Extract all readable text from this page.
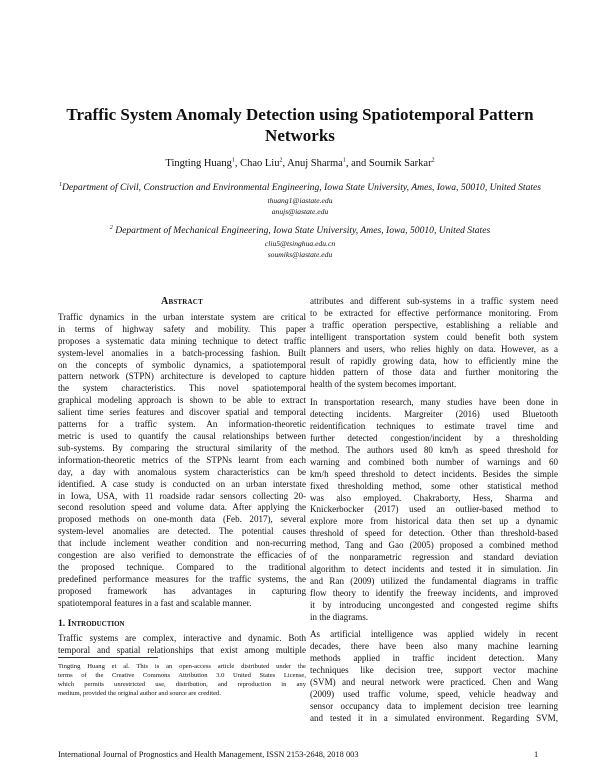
Traffic System Anomaly Detection using Spatiotemporal Pattern
Networks
Tingting Huang$^1$, Chao Liu$^2$, Anuj Sharma$^1$, and Soumik Sarkar$^2$
$^1$Department of Civil, Construction and Environmental Engineering, Iowa State University, Ames, Iowa, 50010, United States
thuang1@iastate.edu
anujs@iastate.edu
$^2$ Department of Mechanical Engineering, Iowa State University, Ames, Iowa, 50010, United States
cliu5@tsinghua.edu.cn
soumiks@iastate.edu
Abstract
Traffic dynamics in the urban interstate system are critical
in terms of highway safety and mobility. This paper
proposes a systematic data mining technique to detect traffic
system-level anomalies in a batch-processing fashion. Built
on the concepts of symbolic dynamics, a spatiotemporal
pattern network (STPN) architecture is developed to capture
the system characteristics. This novel spatiotemporal
graphical modeling approach is shown to be able to extract
salient time series features and discover spatial and temporal
patterns for a traffic system. An information-theoretic
metric is used to quantify the causal relationships between
sub-systems. By comparing the structural similarity of the
information-theoretic metrics of the STPNs learnt from each
day, a day with anomalous system characteristics can be
identified. A case study is conducted on an urban interstate
in Iowa, USA, with 11 roadside radar sensors collecting 20-
second resolution speed and volume data. After applying the
proposed methods on one-month data (Feb. 2017), several
system-level anomalies are detected. The potential causes
that include inclement weather condition and non-recurring
congestion are also verified to demonstrate the efficacies of
the proposed technique. Compared to the traditional
predefined performance measures for the traffic systems, the
proposed framework has advantages in capturing
spatiotemporal features in a fast and scalable manner.
1. Introduction
Traffic systems are complex, interactive and dynamic. Both
temporal and spatial relationships that exist among multiple
attributes and different sub-systems in a traffic system need
to be extracted for effective performance monitoring. From
a traffic operation perspective, establishing a reliable and
intelligent transportation system could benefit both system
planners and users, who relies highly on data. However, as a
result of rapidly growing data, how to efficiently mine the
hidden pattern of those data and further monitoring the
health of the system becomes important.
In transportation research, many studies have been done in
detecting incidents. Margreiter (2016) used Bluetooth
reidentification techniques to estimate travel time and
further detected congestion/incident by a thresholding
method. The authors used 80 km/h as speed threshold for
warning and combined both number of warnings and 60
km/h speed threshold to detect incidents. Besides the simple
fixed thresholding method, some other statistical method
was also employed. Chakraborty, Hess, Sharma and
Knickerbocker (2017) used an outlier-based method to
explore more from historical data then set up a dynamic
threshold of speed for detection. Other than threshold-based
method, Tang and Gao (2005) proposed a combined method
of the nonparametric regression and standard deviation
algorithm to detect incidents and tested it in simulation. Jin
and Ran (2009) utilized the fundamental diagrams in traffic
flow theory to identify the freeway incidents, and improved
it by introducing uncongested and congested regime shifts
in the diagrams.
As artificial intelligence was applied widely in recent
decades, there have been also many machine learning
methods applied in traffic incident detection. Many
techniques like decision tree, support vector machine
(SVM) and neural network were practiced. Chen and Wang
(2009) used traffic volume, speed, vehicle headway and
sensor occupancy data to implement decision tree learning
and tested it in a simulated environment. Regarding SVM,
Tingting Huang et al. This is an open-access article distributed under the
terms of the Creative Commons Attribution 3.0 United States License,
which permits unrestricted use, distribution, and reproduction in any
medium, provided the original author and source are credited.
International Journal of Prognostics and Health Management, ISSN 2153-2648, 2018 003	1
